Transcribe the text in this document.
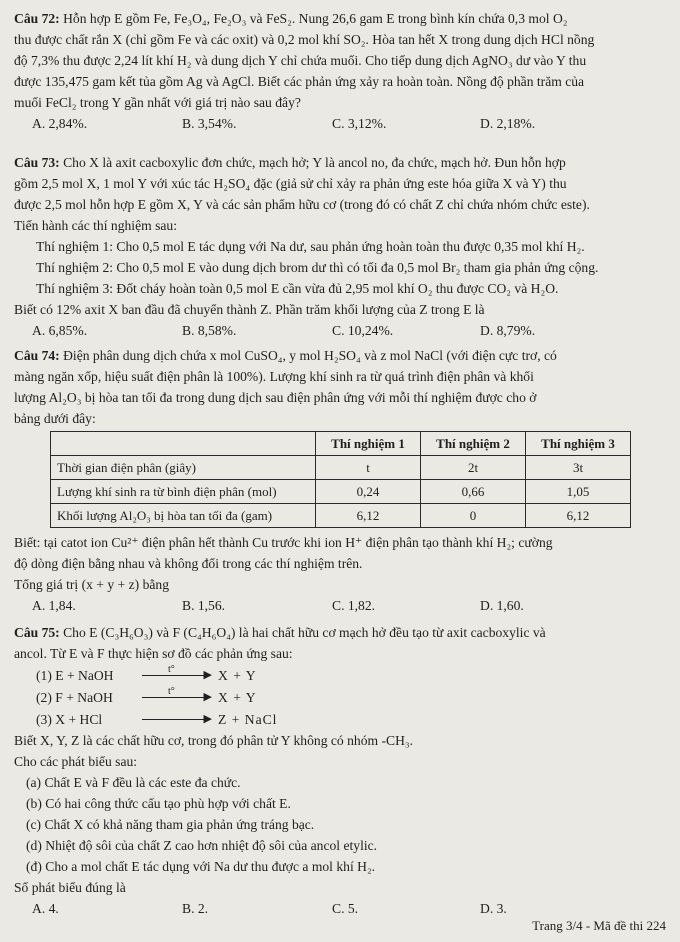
Câu 72: Hỗn hợp E gồm Fe, Fe₃O₄, Fe₂O₃ và FeS₂. Nung 26,6 gam E trong bình kín chứa 0,3 mol O₂

thu được chất rắn X (chỉ gồm Fe và các oxit) và 0,2 mol khí SO₂. Hòa tan hết X trong dung dịch HCl nồng

độ 7,3% thu được 2,24 lít khí H₂ và dung dịch Y chỉ chứa muối. Cho tiếp dung dịch AgNO₃ dư vào Y thu

được 135,475 gam kết tủa gồm Ag và AgCl. Biết các phản ứng xảy ra hoàn toàn. Nồng độ phần trăm của

muối FeCl₂ trong Y gần nhất với giá trị nào sau đây?

A. 2,84%.	B. 3,54%.	C. 3,12%.	D. 2,18%.

Câu 73: Cho X là axit cacboxylic đơn chức, mạch hở; Y là ancol no, đa chức, mạch hở. Đun hỗn hợp

gồm 2,5 mol X, 1 mol Y với xúc tác H₂SO₄ đặc (giả sử chỉ xảy ra phản ứng este hóa giữa X và Y) thu

được 2,5 mol hỗn hợp E gồm X, Y và các sản phẩm hữu cơ (trong đó có chất Z chỉ chứa nhóm chức este).

Tiến hành các thí nghiệm sau:

Thí nghiệm 1: Cho 0,5 mol E tác dụng với Na dư, sau phản ứng hoàn toàn thu được 0,35 mol khí H₂.

Thí nghiệm 2: Cho 0,5 mol E vào dung dịch brom dư thì có tối đa 0,5 mol Br₂ tham gia phản ứng cộng.

Thí nghiệm 3: Đốt cháy hoàn toàn 0,5 mol E cần vừa đủ 2,95 mol khí O₂ thu được CO₂ và H₂O.

Biết có 12% axit X ban đầu đã chuyển thành Z. Phần trăm khối lượng của Z trong E là

A. 6,85%.	B. 8,58%.	C. 10,24%.	D. 8,79%.

Câu 74: Điện phân dung dịch chứa x mol CuSO₄, y mol H₂SO₄ và z mol NaCl (với điện cực trơ, có

màng ngăn xốp, hiệu suất điện phân là 100%). Lượng khí sinh ra từ quá trình điện phân và khối

lượng Al₂O₃ bị hòa tan tối đa trong dung dịch sau điện phân ứng với mỗi thí nghiệm được cho ở

bảng dưới đây:

	Thí nghiệm 1	Thí nghiệm 2	Thí nghiệm 3
Thời gian điện phân (giây)	t	2t	3t
Lượng khí sinh ra từ bình điện phân (mol)	0,24	0,66	1,05
Khối lượng Al₂O₃ bị hòa tan tối đa (gam)	6,12	0	6,12

Biết: tại catot ion Cu²⁺ điện phân hết thành Cu trước khi ion H⁺ điện phân tạo thành khí H₂; cường

độ dòng điện bằng nhau và không đổi trong các thí nghiệm trên.

Tổng giá trị (x + y + z) bằng

A. 1,84.	B. 1,56.	C. 1,82.	D. 1,60.

Câu 75: Cho E (C₃H₆O₃) và F (C₄H₆O₄) là hai chất hữu cơ mạch hở đều tạo từ axit cacboxylic và

ancol. Từ E và F thực hiện sơ đồ các phản ứng sau:

(1) E + NaOH	▶
t°	X + Y
(2) F + NaOH	▶
t°	X + Y
(3) X + HCl	▶ Z + NaCl

Biết X, Y, Z là các chất hữu cơ, trong đó phân tử Y không có nhóm -CH₃.

Cho các phát biểu sau:

(a) Chất E và F đều là các este đa chức.

(b) Có hai công thức cấu tạo phù hợp với chất E.

(c) Chất X có khả năng tham gia phản ứng tráng bạc.

(d) Nhiệt độ sôi của chất Z cao hơn nhiệt độ sôi của ancol etylic.

(đ) Cho a mol chất E tác dụng với Na dư thu được a mol khí H₂.

Số phát biểu đúng là

A. 4.	B. 2.	C. 5.	D. 3.
Trang 3/4 - Mã đề thi 224
